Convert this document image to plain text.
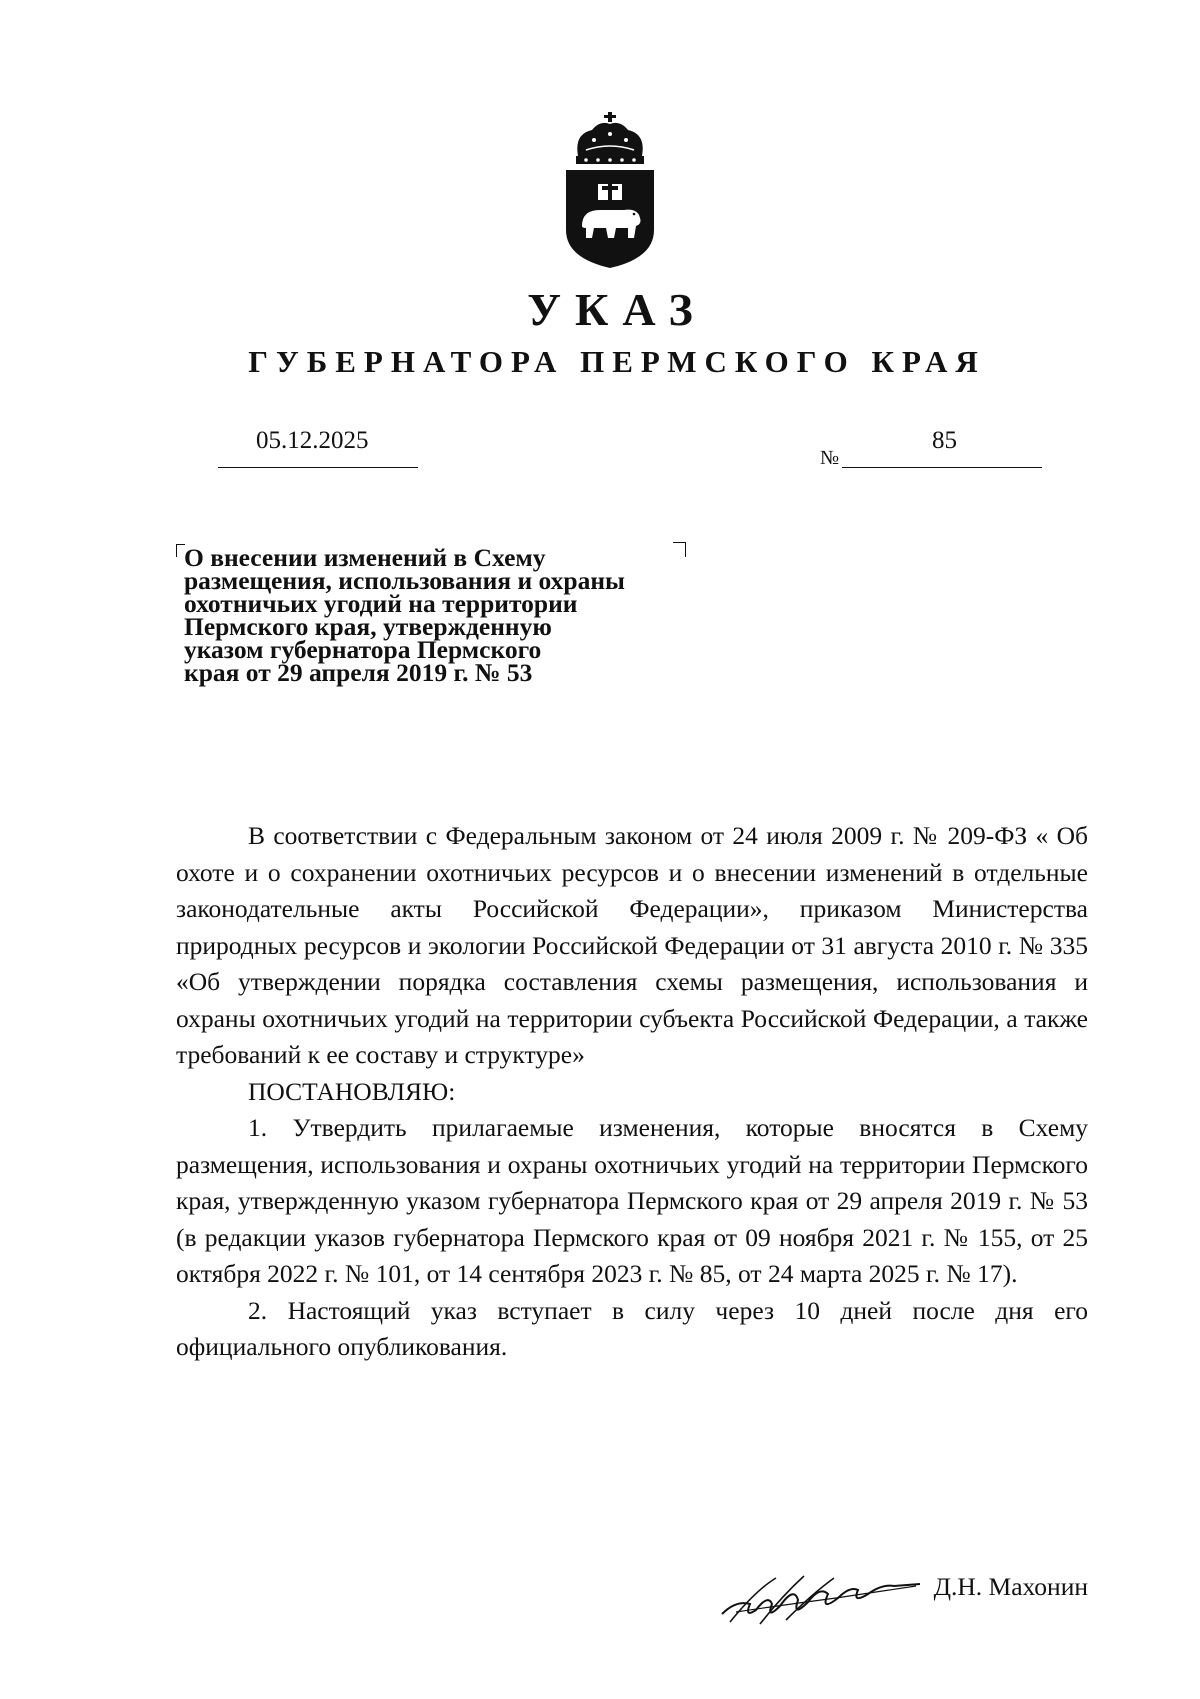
УКАЗ
ГУБЕРНАТОРА ПЕРМСКОГО КРАЯ
05.12.2025
№
85
О внесении изменений в Схему
размещения, использования и охраны
охотничьих угодий на территории
Пермского края, утвержденную
указом губернатора Пермского
края от 29 апреля 2019 г. № 53

В соответствии с Федеральным законом от 24 июля 2009 г. № 209-ФЗ « Об охоте и о сохранении охотничьих ресурсов и о внесении изменений в отдельные законодательные акты Российской Федерации», приказом Министерства природных ресурсов и экологии Российской Федерации от 31 августа 2010 г. № 335 «Об утверждении порядка составления схемы размещения, использования и охраны охотничьих угодий на территории субъекта Российской Федерации, а также требований к ее составу и структуре»

ПОСТАНОВЛЯЮ:

1. Утвердить прилагаемые изменения, которые вносятся в Схему размещения, использования и охраны охотничьих угодий на территории Пермского края, утвержденную указом губернатора Пермского края от 29 апреля 2019 г. № 53 (в редакции указов губернатора Пермского края от 09 ноября 2021 г. № 155, от 25 октября 2022 г. № 101, от 14 сентября 2023 г. № 85, от 24 марта 2025 г. № 17).

2. Настоящий указ вступает в силу через 10 дней после дня его официального опубликования.

Д.Н. Махонин
